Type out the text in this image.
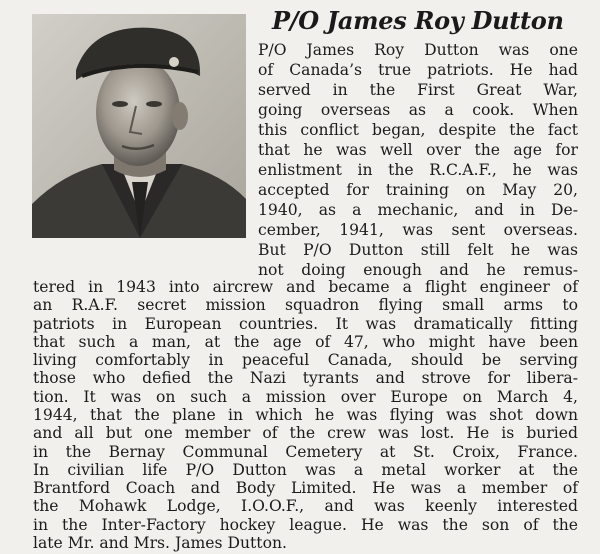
P/O James Roy Dutton
P/O James Roy Dutton was one
of Canada’s true patriots. He had
served in the First Great War,
going overseas as a cook. When
this conflict began, despite the fact
that he was well over the age for
enlistment in the R.C.A.F., he was
accepted for training on May 20,
1940, as a mechanic, and in De-
cember, 1941, was sent overseas.
But P/O Dutton still felt he was
not doing enough and he remus-
tered in 1943 into aircrew and became a flight engineer of
an R.A.F. secret mission squadron flying small arms to
patriots in European countries. It was dramatically fitting
that such a man, at the age of 47, who might have been
living comfortably in peaceful Canada, should be serving
those who defied the Nazi tyrants and strove for libera-
tion. It was on such a mission over Europe on March 4,
1944, that the plane in which he was flying was shot down
and all but one member of the crew was lost. He is buried
in the Bernay Communal Cemetery at St. Croix, France.
In civilian life P/O Dutton was a metal worker at the
Brantford Coach and Body Limited. He was a member of
the Mohawk Lodge, I.O.O.F., and was keenly interested
in the Inter-Factory hockey league. He was the son of the
late Mr. and Mrs. James Dutton.
